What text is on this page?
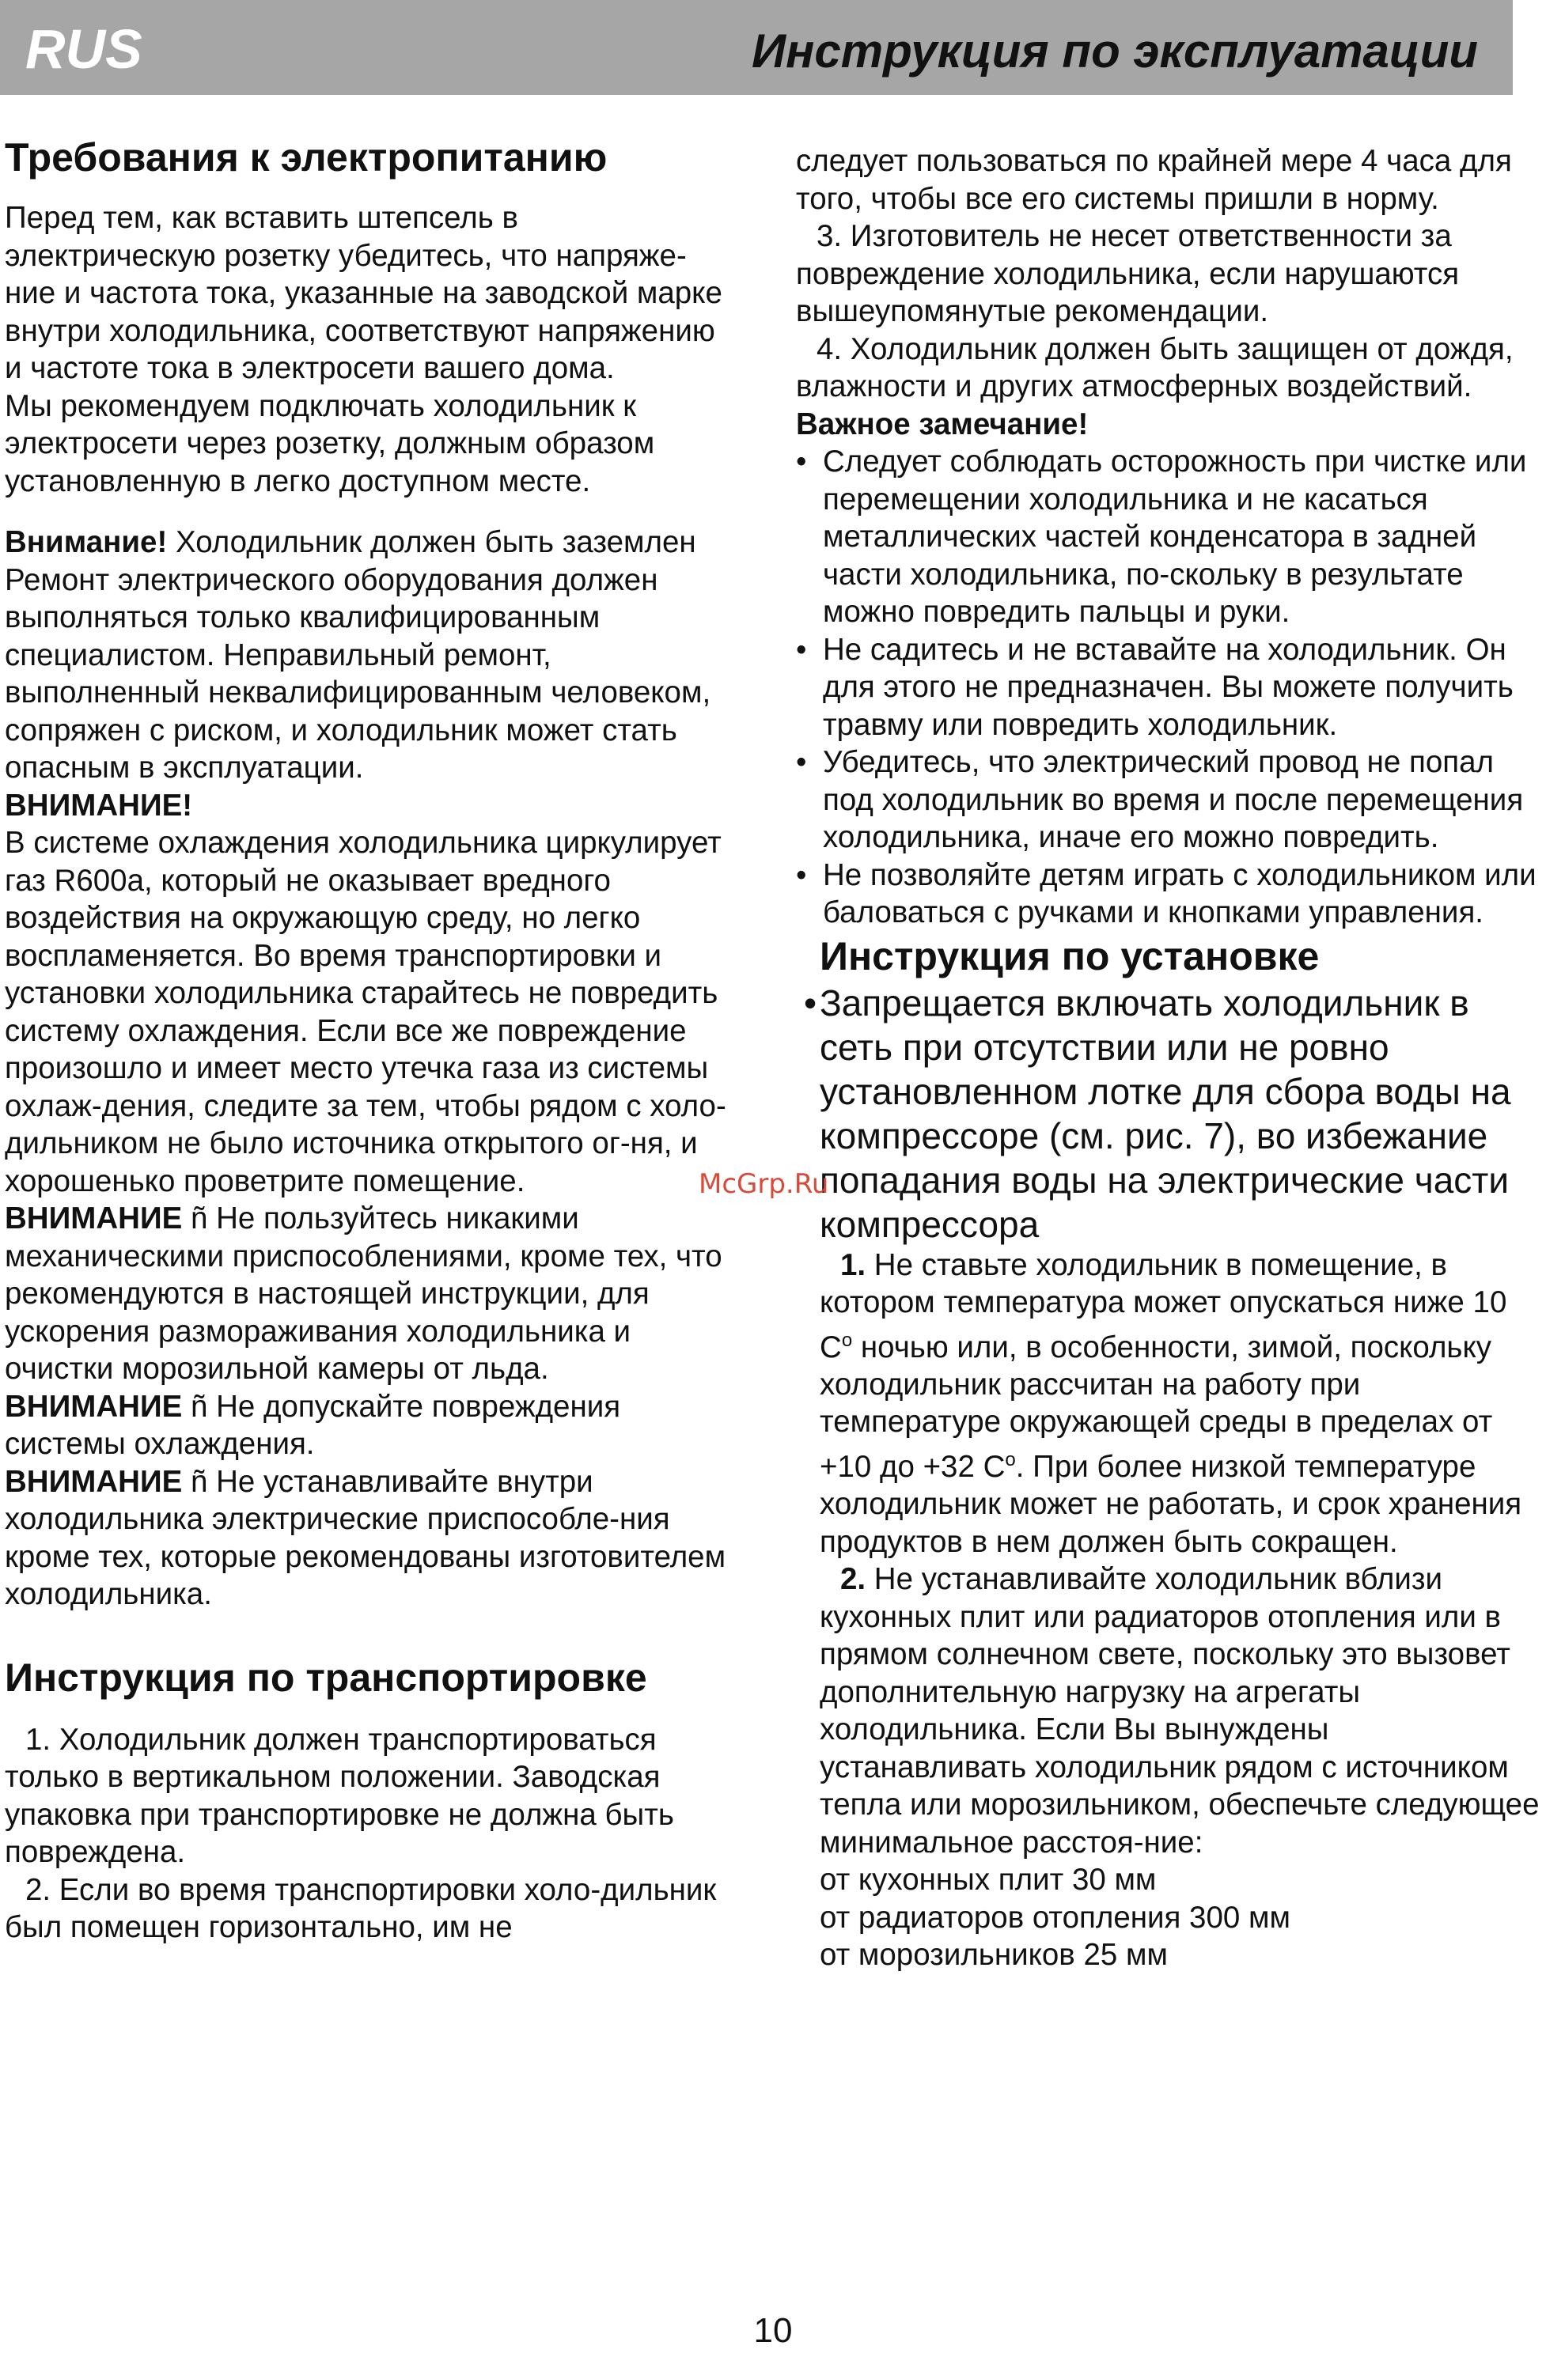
RUS	Инструкция по эксплуатации
Требования к электропитанию

Перед тем, как вставить штепсель в электрическую розетку убедитесь, что напряже-ние и частота тока, указанные на заводской марке внутри холодильника, соответствуют напряжению и частоте тока в электросети вашего дома.

Мы рекомендуем подключать холодильник к электросети через розетку, должным образом установленную в легко доступном месте.

Внимание! Холодильник должен быть заземлен

Ремонт электрического оборудования должен выполняться только квалифицированным специалистом. Неправильный ремонт, выполненный неквалифицированным человеком, сопряжен с риском, и холодильник может стать опасным в эксплуатации.

ВНИМАНИЕ!

В системе охлаждения холодильника циркулирует газ R600a, который не оказывает вредного воздействия на окружающую среду, но легко воспламеняется. Во время транспортировки и установки холодильника старайтесь не повредить систему охлаждения. Если все же повреждение произошло и имеет место утечка газа из системы охлаж-дения, следите за тем, чтобы рядом с холо-дильником не было источника открытого ог-ня, и хорошенько проветрите помещение.

ВНИМАНИЕ ñ Не пользуйтесь никакими механическими приспособлениями, кроме тех, что рекомендуются в настоящей инструкции, для ускорения размораживания холодильника и очистки морозильной камеры от льда.

ВНИМАНИЕ ñ Не допускайте повреждения системы охлаждения.

ВНИМАНИЕ ñ Не устанавливайте внутри холодильника электрические приспособле-ния кроме тех, которые рекомендованы изготовителем холодильника.

Инструкция по транспортировке

1. Холодильник должен транспортироваться только в вертикальном положении. Заводская упаковка при транспортировке не должна быть повреждена.

2. Если во время транспортировки холо-дильник был помещен горизонтально, им не

следует пользоваться по крайней мере 4 часа для того, чтобы все его системы пришли в норму.

3. Изготовитель не несет ответственности за повреждение холодильника, если нарушаются вышеупомянутые рекомендации.

4. Холодильник должен быть защищен от дождя, влажности и других атмосферных воздействий.

Важное замечание!

• Следует соблюдать осторожность при чистке или перемещении холодильника и не касаться металлических частей конденсатора в задней части холодильника, по-скольку в результате можно повредить пальцы и руки.
• Не садитесь и не вставайте на холодильник. Он для этого не предназначен. Вы можете получить травму или повредить холодильник.
• Убедитесь, что электрический провод не попал под холодильник во время и после перемещения холодильника, иначе его можно повредить.
• Не позволяйте детям играть с холодильником или баловаться с ручками и кнопками управления.
Инструкция по установке
• Запрещается включать холодильник в сеть при отсутствии или не ровно установленном лотке для сбора воды на компрессоре (см. рис. 7), во избежание попадания воды на электрические части компрессора

1. Не ставьте холодильник в помещение, в котором температура может опускаться ниже 10 $C^o$ ночью или, в особенности, зимой, поскольку холодильник рассчитан на работу при температуре окружающей среды в пределах от +10 до +32 $C^o$. При более низкой температуре холодильник может не работать, и срок хранения продуктов в нем должен быть сокращен.

2. Не устанавливайте холодильник вблизи кухонных плит или радиаторов отопления или в прямом солнечном свете, поскольку это вызовет дополнительную нагрузку на агрегаты холодильника. Если Вы вынуждены устанавливать холодильник рядом с источником тепла или морозильником, обеспечьте следующее минимальное расстоя-ние:

от кухонных плит 30 мм

от радиаторов отопления 300 мм

от морозильников 25 мм

McGrp.Ru
10
